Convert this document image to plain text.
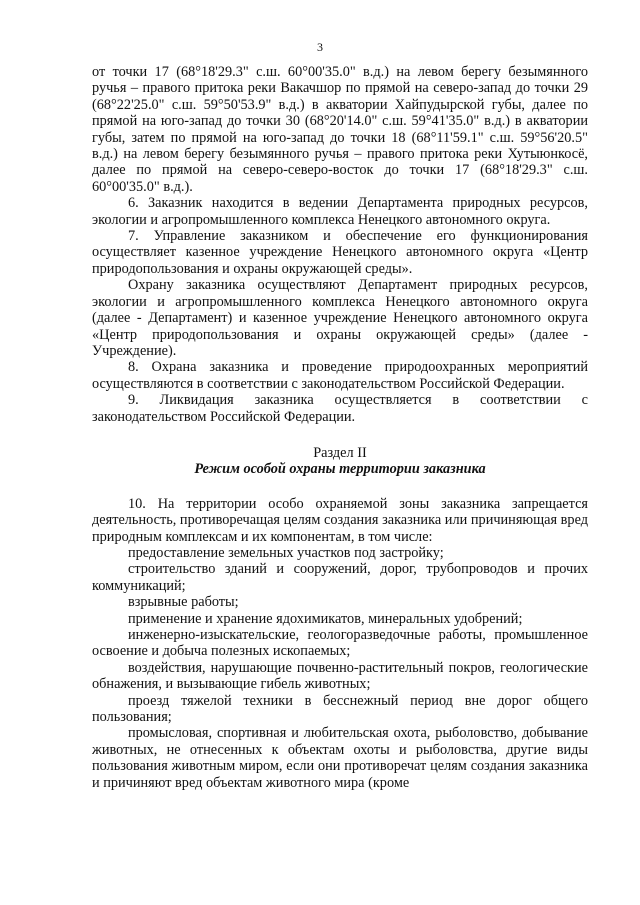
3

от точки 17 (68°18'29.3" с.ш. 60°00'35.0" в.д.) на левом берегу безымянного ручья – правого притока реки Вакачшор по прямой на северо-запад до точки 29 (68°22'25.0" с.ш. 59°50'53.9" в.д.) в акватории Хайпудырской губы, далее по прямой на юго-запад до точки 30 (68°20'14.0" с.ш. 59°41'35.0" в.д.) в акватории губы, затем по прямой на юго-запад до точки 18 (68°11'59.1" с.ш. 59°56'20.5" в.д.) на левом берегу безымянного ручья – правого притока реки Хутыюнкосё, далее по прямой на северо-северо-восток до точки 17 (68°18'29.3" с.ш. 60°00'35.0" в.д.).

6. Заказник находится в ведении Департамента природных ресурсов, экологии и агропромышленного комплекса Ненецкого автономного округа.

7. Управление заказником и обеспечение его функционирования осуществляет казенное учреждение Ненецкого автономного округа «Центр природопользования и охраны окружающей среды».

Охрану заказника осуществляют Департамент природных ресурсов, экологии и агропромышленного комплекса Ненецкого автономного округа (далее - Департамент) и казенное учреждение Ненецкого автономного округа «Центр природопользования и охраны окружающей среды» (далее - Учреждение).

8. Охрана заказника и проведение природоохранных мероприятий осуществляются в соответствии с законодательством Российской Федерации.

9. Ликвидация заказника осуществляется в соответствии с законодательством Российской Федерации.

Раздел II

Режим особой охраны территории заказника

10. На территории особо охраняемой зоны заказника запрещается деятельность, противоречащая целям создания заказника или причиняющая вред природным комплексам и их компонентам, в том числе:

предоставление земельных участков под застройку;

строительство зданий и сооружений, дорог, трубопроводов и прочих коммуникаций;

взрывные работы;

применение и хранение ядохимикатов, минеральных удобрений;

инженерно-изыскательские, геологоразведочные работы, промышленное освоение и добыча полезных ископаемых;

воздействия, нарушающие почвенно-растительный покров, геологические обнажения, и вызывающие гибель животных;

проезд тяжелой техники в бесснежный период вне дорог общего пользования;

промысловая, спортивная и любительская охота, рыболовство, добывание животных, не отнесенных к объектам охоты и рыболовства, другие виды пользования животным миром, если они противоречат целям создания заказника и причиняют вред объектам животного мира (кроме
